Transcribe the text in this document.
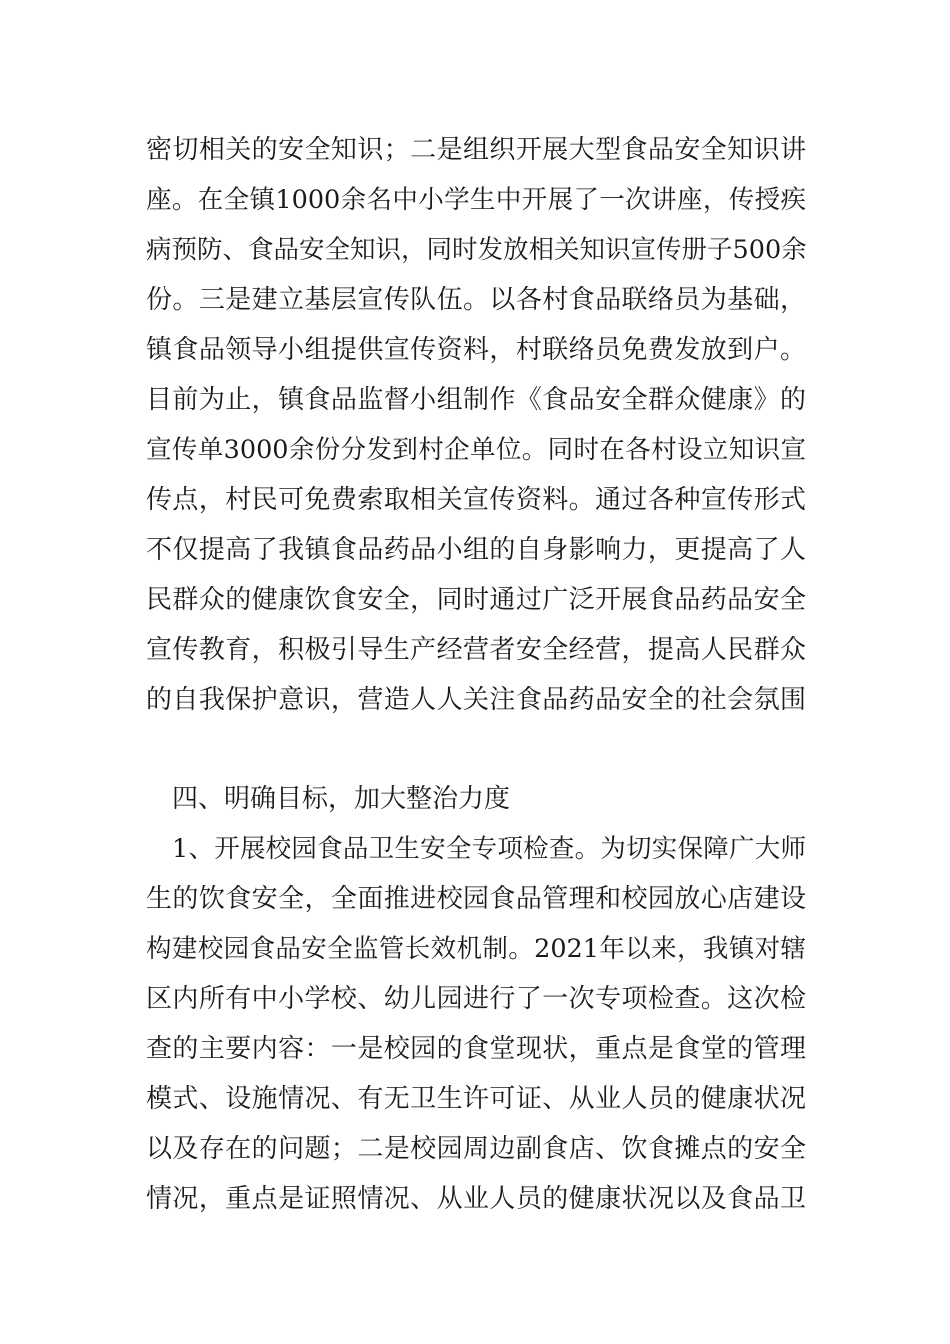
密切相关的安全知识；二是组织开展大型食品安全知识讲
座。在全镇1000余名中小学生中开展了一次讲座，传授疾
病预防、食品安全知识，同时发放相关知识宣传册子500余
份。三是建立基层宣传队伍。以各村食品联络员为基础，
镇食品领导小组提供宣传资料，村联络员免费发放到户。
目前为止，镇食品监督小组制作《食品安全群众健康》的
宣传单3000余份分发到村企单位。同时在各村设立知识宣
传点，村民可免费索取相关宣传资料。通过各种宣传形式
不仅提高了我镇食品药品小组的自身影响力，更提高了人
民群众的健康饮食安全，同时通过广泛开展食品药品安全
宣传教育，积极引导生产经营者安全经营，提高人民群众
的自我保护意识，营造人人关注食品药品安全的社会氛围
四、明确目标，加大整治力度
1、开展校园食品卫生安全专项检查。为切实保障广大师
生的饮食安全，全面推进校园食品管理和校园放心店建设
构建校园食品安全监管长效机制。2021年以来，我镇对辖
区内所有中小学校、幼儿园进行了一次专项检查。这次检
查的主要内容：一是校园的食堂现状，重点是食堂的管理
模式、设施情况、有无卫生许可证、从业人员的健康状况
以及存在的问题；二是校园周边副食店、饮食摊点的安全
情况，重点是证照情况、从业人员的健康状况以及食品卫
